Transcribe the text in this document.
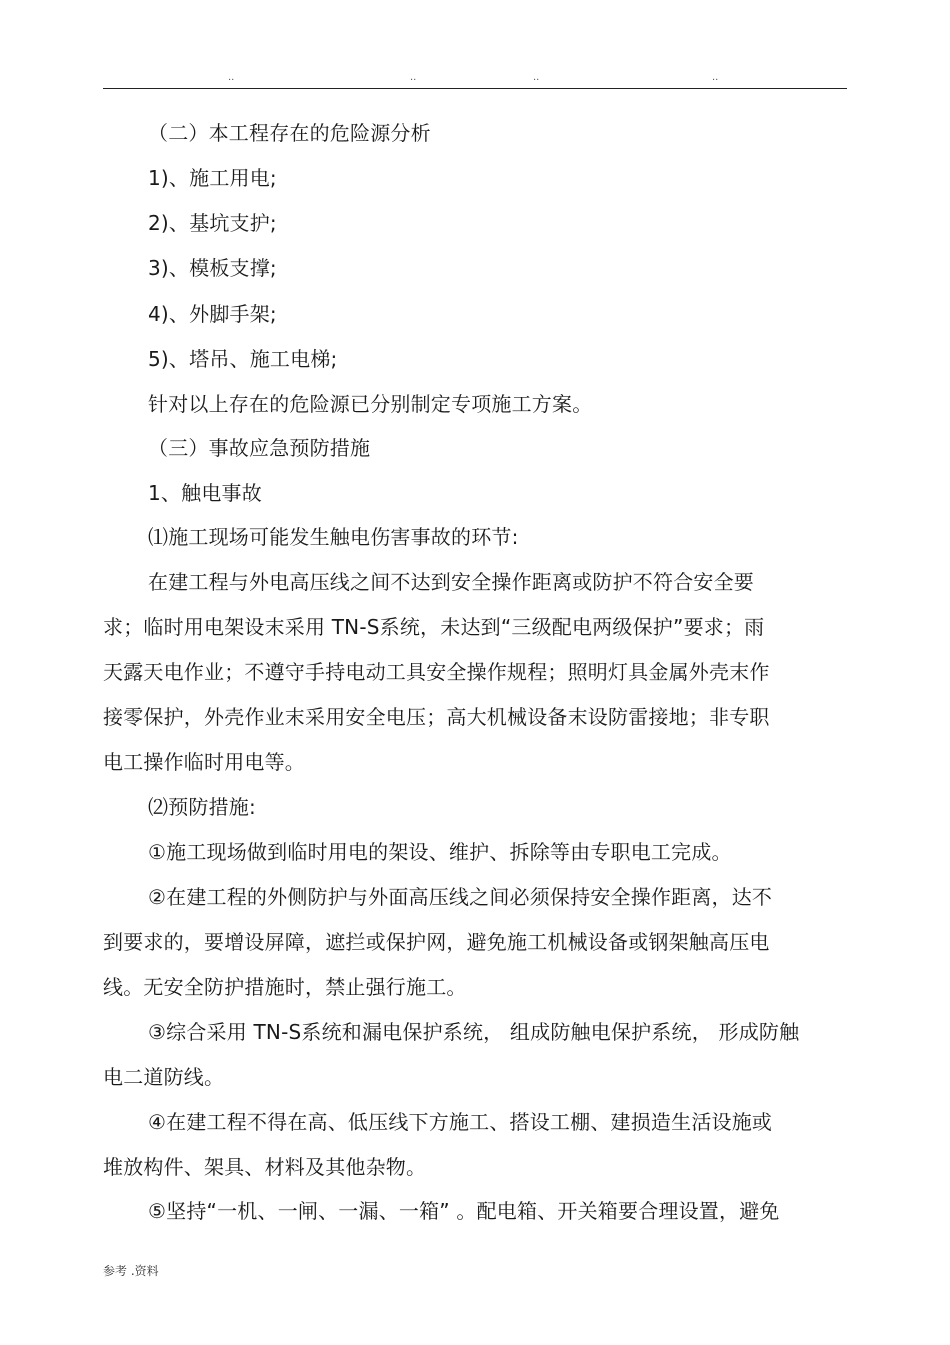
..	..	..	..
（二）本工程存在的危险源分析
1)、施工用电;
2)、基坑支护;
3)、模板支撑;
4)、外脚手架;
5)、塔吊、施工电梯;
针对以上存在的危险源已分别制定专项施工方案。
（三）事故应急预防措施
1、触电事故
⑴施工现场可能发生触电伤害事故的环节:
在建工程与外电高压线之间不达到安全操作距离或防护不符合安全要
求；临时用电架设末采用 TN-S系统，未达到“三级配电两级保护”要求；雨
天露天电作业；不遵守手持电动工具安全操作规程；照明灯具金属外壳末作
接零保护，外壳作业末采用安全电压；高大机械设备末设防雷接地；非专职
电工操作临时用电等。
⑵预防措施:
①施工现场做到临时用电的架设、维护、拆除等由专职电工完成。
②在建工程的外侧防护与外面高压线之间必须保持安全操作距离，达不
到要求的，要增设屏障，遮拦或保护网，避免施工机械设备或钢架触高压电
线。无安全防护措施时，禁止强行施工。
③综合采用 TN-S系统和漏电保护系统， 组成防触电保护系统， 形成防触
电二道防线。
④在建工程不得在高、低压线下方施工、搭设工棚、建损造生活设施或
堆放构件、架具、材料及其他杂物。
⑤坚持“一机、一闸、一漏、一箱” 。配电箱、开关箱要合理设置，避免
参考 .资料
